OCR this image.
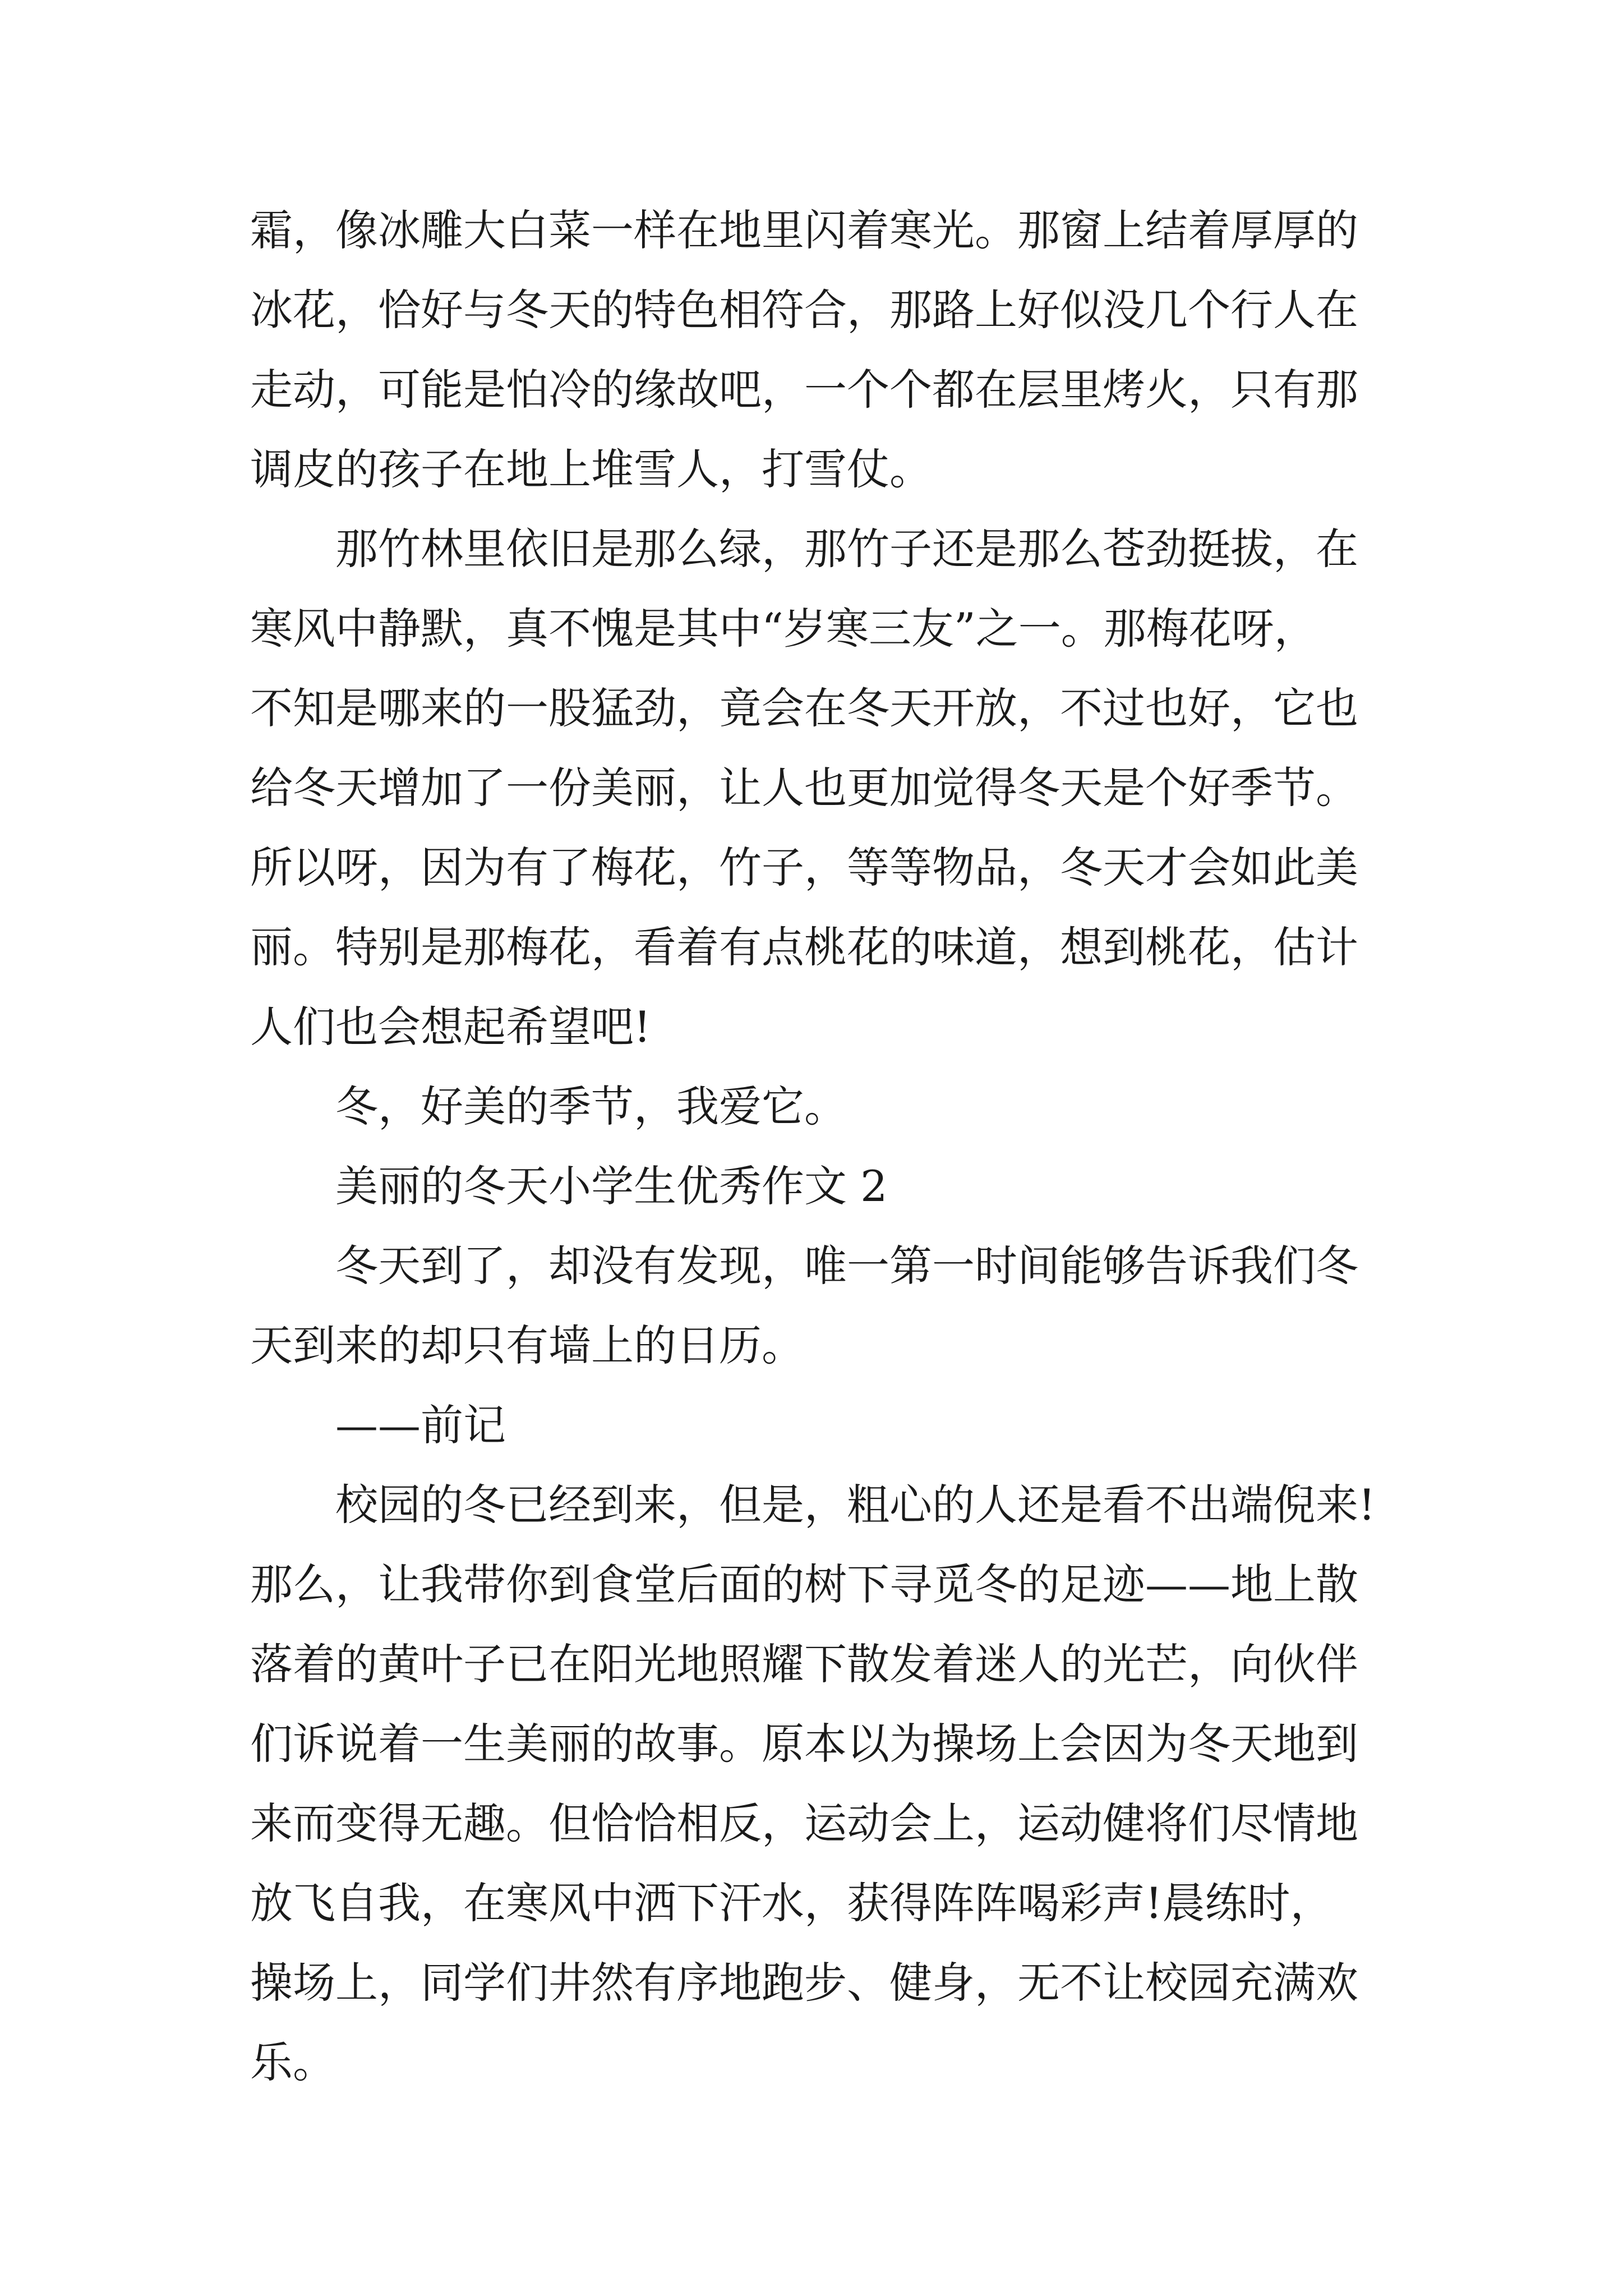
霜，像冰雕大白菜一样在地里闪着寒光。那窗上结着厚厚的
冰花，恰好与冬天的特色相符合，那路上好似没几个行人在
走动，可能是怕冷的缘故吧，一个个都在层里烤火，只有那
调皮的孩子在地上堆雪人，打雪仗。
那竹林里依旧是那么绿，那竹子还是那么苍劲挺拔，在
寒风中静默，真不愧是其中“岁寒三友”之一。那梅花呀，
不知是哪来的一股猛劲，竟会在冬天开放，不过也好，它也
给冬天增加了一份美丽，让人也更加觉得冬天是个好季节。
所以呀，因为有了梅花，竹子，等等物品，冬天才会如此美
丽。特别是那梅花，看着有点桃花的味道，想到桃花，估计
人们也会想起希望吧!
冬，好美的季节，我爱它。
美丽的冬天小学生优秀作文 2
冬天到了，却没有发现，唯一第一时间能够告诉我们冬
天到来的却只有墙上的日历。
——前记
校园的冬已经到来，但是，粗心的人还是看不出端倪来!
那么，让我带你到食堂后面的树下寻觅冬的足迹——地上散
落着的黄叶子已在阳光地照耀下散发着迷人的光芒，向伙伴
们诉说着一生美丽的故事。原本以为操场上会因为冬天地到
来而变得无趣。但恰恰相反，运动会上，运动健将们尽情地
放飞自我，在寒风中洒下汗水，获得阵阵喝彩声!晨练时，
操场上，同学们井然有序地跑步、健身，无不让校园充满欢
乐。
